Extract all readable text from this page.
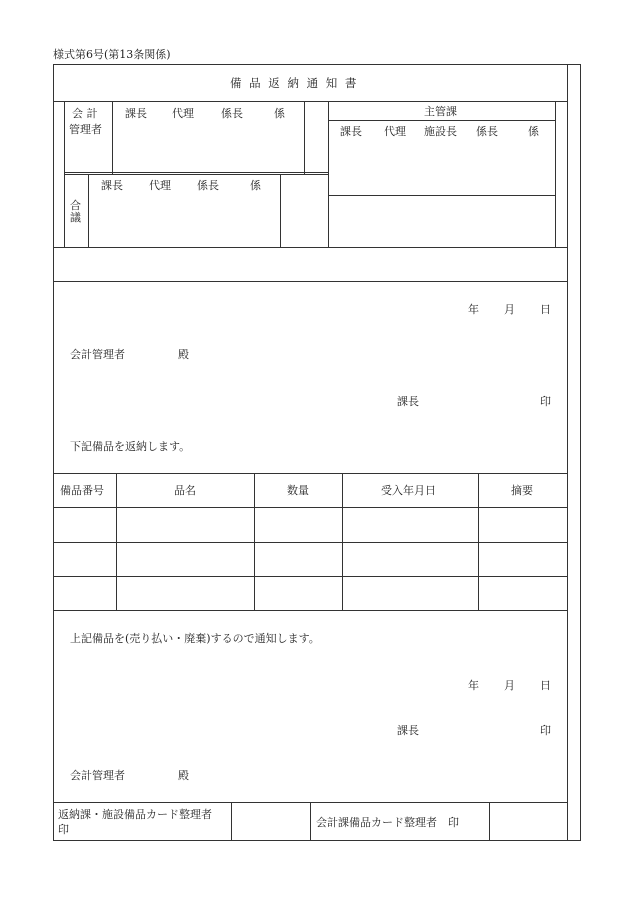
様式第6号(第13条関係)
備 品 返 納 通 知 書
会 計
管理者
課長 代理 係長	係
合
議
課長 代理 係長	係
主管課
課長 代理 施設長 係長	係
年 月 日
会計管理者	殿
課長	印
下記備品を返納します。
備品番号	品名	数量	受入年月日	摘要
上記備品を(売り払い・廃棄)するので通知します。
年 月 日
課長	印
会計管理者	殿
返納課・施設備品カード整理者
印
会計課備品カード整理者　印
